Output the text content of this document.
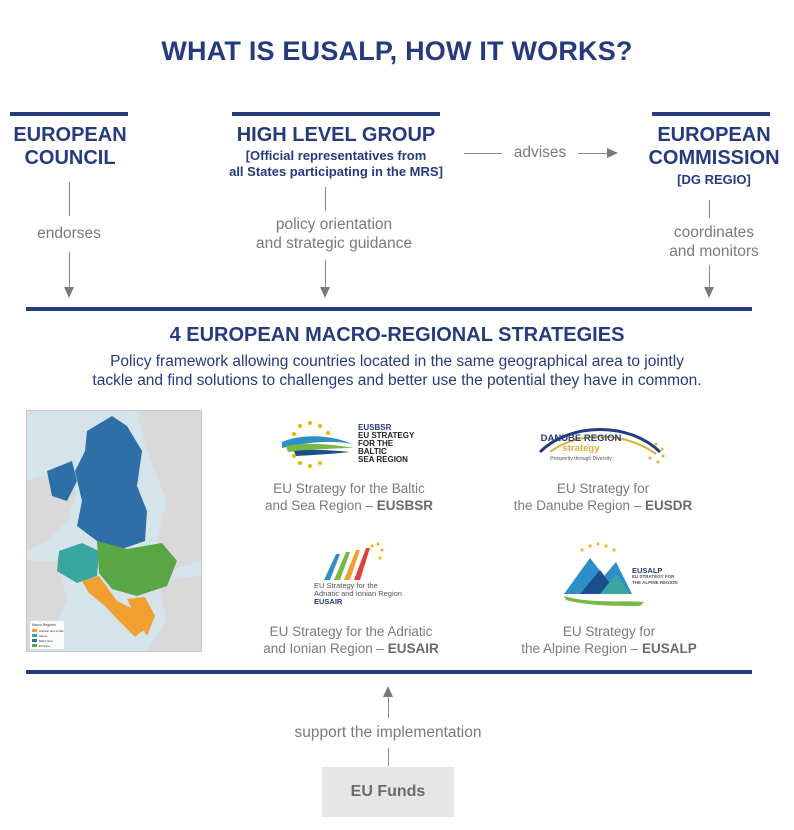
WHAT IS EUSALP, HOW IT WORKS?
EUROPEAN
COUNCIL
endorses
HIGH LEVEL GROUP
[Official representatives from
all States participating in the MRS]
policy orientation
and strategic guidance
advises
EUROPEAN
COMMISSION
[DG REGIO]
coordinates
and monitors
4 EUROPEAN MACRO-REGIONAL STRATEGIES
Policy framework allowing countries located in the same geographical area to jointly
tackle and find solutions to challenges and better use the potential they have in common.
Macro-Regions
Adriatic and Ionian
Alpine
Baltic Sea
Danube
EUSBSR
EU STRATEGY
FOR THE BALTIC
SEA REGION
EU Strategy for the Baltic
and Sea Region – EUSBSR
DANUBE REGION
strategy
Prosperity through Diversity
EU Strategy for
the Danube Region – EUSDR
EU Strategy for the
Adriatic and Ionian Region
EUSAIR
EU Strategy for the Adriatic
and Ionian Region – EUSAIR
EUSALP
EU STRATEGY FOR
THE ALPINE REGION
EU Strategy for
the Alpine Region – EUSALP
support the implementation
EU Funds
